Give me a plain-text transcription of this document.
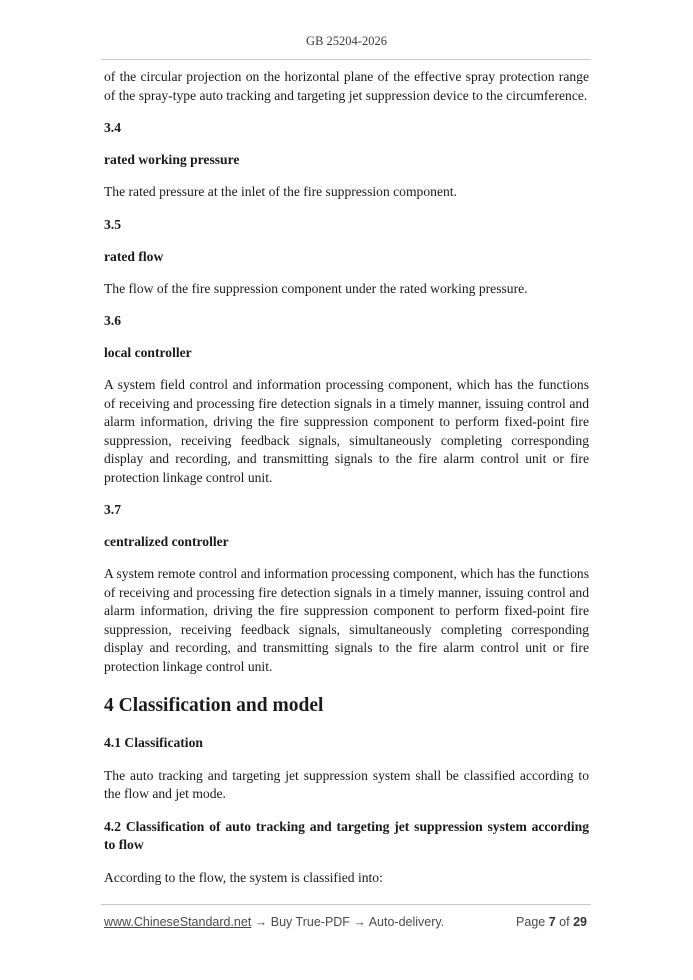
GB 25204-2026

of the circular projection on the horizontal plane of the effective spray protection range of the spray-type auto tracking and targeting jet suppression device to the circumference.

3.4

rated working pressure

The rated pressure at the inlet of the fire suppression component.

3.5

rated flow

The flow of the fire suppression component under the rated working pressure.

3.6

local controller

A system field control and information processing component, which has the functions of receiving and processing fire detection signals in a timely manner, issuing control and alarm information, driving the fire suppression component to perform fixed-point fire suppression, receiving feedback signals, simultaneously completing corresponding display and recording, and transmitting signals to the fire alarm control unit or fire protection linkage control unit.

3.7

centralized controller

A system remote control and information processing component, which has the functions of receiving and processing fire detection signals in a timely manner, issuing control and alarm information, driving the fire suppression component to perform fixed-point fire suppression, receiving feedback signals, simultaneously completing corresponding display and recording, and transmitting signals to the fire alarm control unit or fire protection linkage control unit.

4 Classification and model

4.1 Classification

The auto tracking and targeting jet suppression system shall be classified according to the flow and jet mode.

4.2 Classification of auto tracking and targeting jet suppression system according to flow

According to the flow, the system is classified into:

www.ChineseStandard.net → Buy True-PDF → Auto-delivery.	Page 7 of 29
